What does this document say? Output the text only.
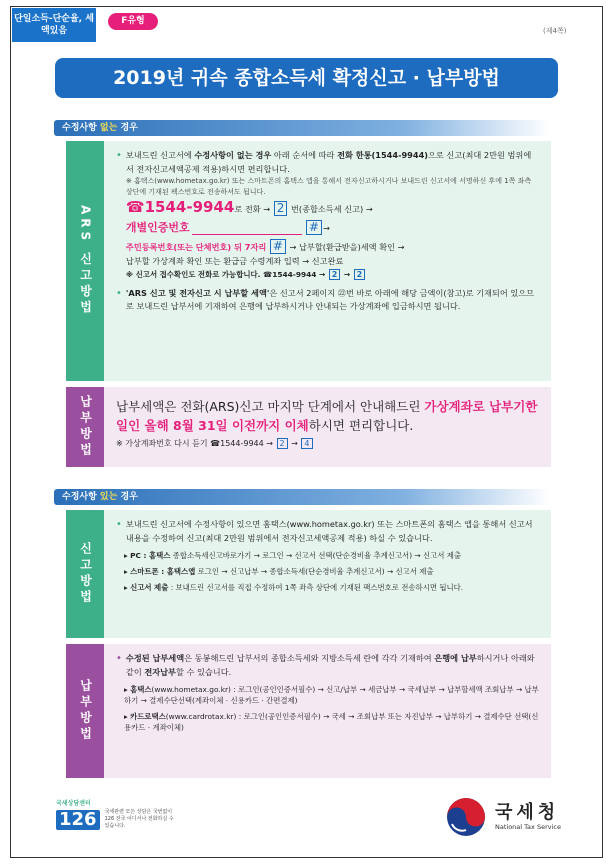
단일소득-단순율, 세액있음
F유형
(제4쪽)
2019년 귀속 종합소득세 확정신고 · 납부방법
수정사항 없는 경우
ARS 신고방법
• 보내드린 신고서에 수정사항이 없는 경우 아래 순서에 따라 전화 한통(1544-9944)으로 신고(최대 2만원 범위에서 전자신고세액공제 적용)하시면 편리합니다.
※ 홈택스(www.hometax.go.kr) 또는 스마트폰의 홈택스 앱을 통해서 전자신고하시거나 보내드린 신고서에 서명하신 후에 1쪽 좌측 상단에 기재된 팩스번호로 전송하셔도 됩니다.
☎1544-9944로 전화 → 2 번(종합소득세 신고) →
개별인증번호	# →
주민등록번호(또는 단체번호) 뒤 7자리 # → 납부할(환급받을)세액 확인 →
납부할 가상계좌 확인 또는 환급금 수령계좌 입력 → 신고완료
※ 신고서 접수확인도 전화로 가능합니다. ☎1544-9944 → 2 → 2
• 'ARS 신고 및 전자신고 시 납부할 세액'은 신고서 2페이지 ㉒번 바로 아래에 해당 금액이(참고)로 기재되어 있으므로 보내드린 납부서에 기재하여 은행에 납부하시거나 안내되는 가상계좌에 입금하시면 됩니다.
납부방법 납부세액은 전화(ARS)신고 마지막 단계에서 안내해드린 가상계좌로 납부기한일인 올해 8월 31일 이전까지 이체하시면 편리합니다.
※ 가상계좌번호 다시 듣기 ☎1544-9944 → 2 → 4
수정사항 있는 경우
신고방법
• 보내드린 신고서에 수정사항이 있으면 홈택스(www.hometax.go.kr) 또는 스마트폰의 홈택스 앱을 통해서 신고서 내용을 수정하여 신고(최대 2만원 범위에서 전자신고세액공제 적용) 하실 수 있습니다.
▸ PC : 홈택스 종합소득세신고바로가기 → 로그인 → 신고서 선택(단순경비율 추계신고서) → 신고서 제출
▸ 스마트폰 : 홈택스앱 로그인 → 신고납부 → 종합소득세(단순경비율 추계신고서) → 신고서 제출
▸ 신고서 제출 : 보내드린 신고서를 직접 수정하여 1쪽 좌측 상단에 기재된 팩스번호로 전송하시면 됩니다.
납부방법
• 수정된 납부세액은 동봉해드린 납부서의 종합소득세와 지방소득세 란에 각각 기재하여 은행에 납부하시거나 아래와 같이 전자납부할 수 있습니다.
▸ 홈택스(www.hometax.go.kr) : 로그인(공인인증서필수) → 신고/납부 → 세금납부 → 국세납부 → 납부할세액 조회납부 → 납부하기 → 결제수단선택(계좌이체 · 신용카드 · 간편결제)
▸ 카드로택스(www.cardrotax.kr) : 로그인(공인인증서필수) → 국세 → 조회납부 또는 자진납부 → 납부하기 → 결제수단 선택(신용카드 · 계좌이체)
국세상담센터
126	국세관련 모든 상담은 국번없이 126 전국 어디서나 전화하실 수 있습니다.
국세청
National Tax Service
